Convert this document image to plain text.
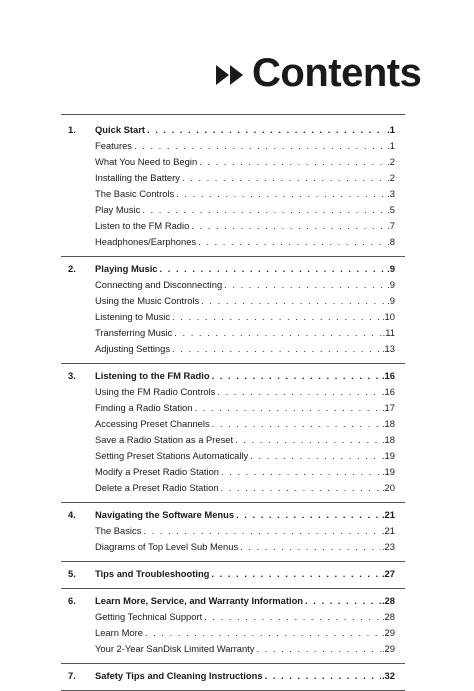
Contents
1.	Quick Start . . .	.1
Features . . .	.1
What You Need to Begin . . .	.2
Installing the Battery . . .	.2
The Basic Controls . . .	.3
Play Music . . .	.5
Listen to the FM Radio . . .	.7
Headphones/Earphones . . .	.8
2.	Playing Music . . .	.9
Connecting and Disconnecting . . .	.9
Using the Music Controls . . .	.9
Listening to Music . . .	.10
Transferring Music . . .	.11
Adjusting Settings . . .	.13
3.	Listening to the FM Radio . . .	.16
Using the FM Radio Controls . . .	.16
Finding a Radio Station . . .	.17
Accessing Preset Channels . . .	.18
Save a Radio Station as a Preset . . .	.18
Setting Preset Stations Automatically . . .	.19
Modify a Preset Radio Station . . .	.19
Delete a Preset Radio Station . . .	.20
4.	Navigating the Software Menus . . .	.21
The Basics . . .	.21
Diagrams of Top Level Sub Menus . . .	.23
5.	Tips and Troubleshooting . . .	.27
6.	Learn More, Service, and Warranty Information . . .	.28
Getting Technical Support . . .	.28
Learn More . . .	.29
Your 2-Year SanDisk Limited Warranty . . .	.29
7.	Safety Tips and Cleaning Instructions . . .	.32
